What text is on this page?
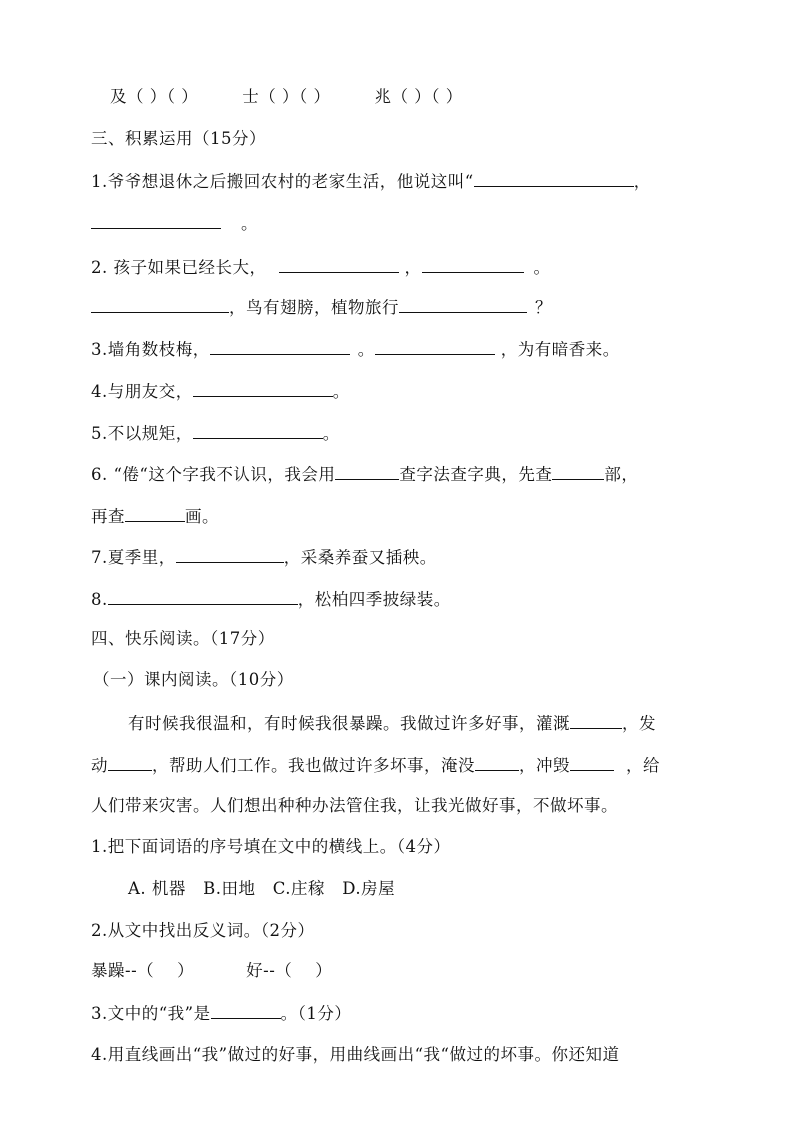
及（ ）（ ）	士（ ）（ ）	兆（ ）（ ）
三、积累运用（15分）
1.爷爷想退休之后搬回农村的老家生活，他说这叫“	，
。
2. 孩子如果已经长大，	，	。
，鸟有翅膀，植物旅行	？
3.墙角数枝梅，	。	，为有暗香来。
4.与朋友交，	。
5.不以规矩，	。
6. “倦“这个字我不认识，我会用	查字法查字典，先查	部，
再查	画。
7.夏季里，	，采桑养蚕又插秧。
8.	，松柏四季披绿装。
四、快乐阅读。（17分）
（一）课内阅读。（10分）
有时候我很温和，有时候我很暴躁。我做过许多好事，灌溉	，发
动	，帮助人们工作。我也做过许多坏事，淹没	，冲毁	，给
人们带来灾害。人们想出种种办法管住我，让我光做好事，不做坏事。
1.把下面词语的序号填在文中的横线上。（4分）
A. 机器   B.田地   C.庄稼   D.房屋
2.从文中找出反义词。（2分）
暴躁--（    ）	好--（    ）
3.文中的“我”是	。（1分）
4.用直线画出“我”做过的好事，用曲线画出“我“做过的坏事。你还知道
